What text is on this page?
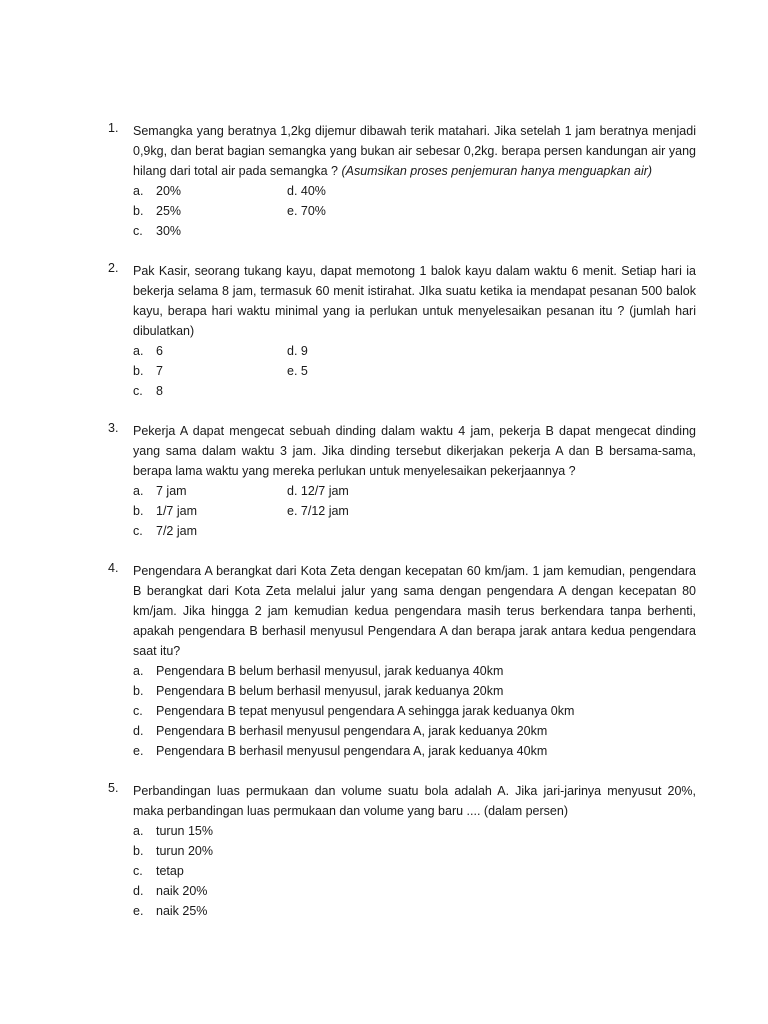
1. Semangka yang beratnya 1,2kg dijemur dibawah terik matahari. Jika setelah 1 jam beratnya menjadi 0,9kg, dan berat bagian semangka yang bukan air sebesar 0,2kg. berapa persen kandungan air yang hilang dari total air pada semangka ? (Asumsikan proses penjemuran hanya menguapkan air)
a. 20%	d. 40%
b. 25%	e. 70%
c. 30%
2. Pak Kasir, seorang tukang kayu, dapat memotong 1 balok kayu dalam waktu 6 menit. Setiap hari ia bekerja selama 8 jam, termasuk 60 menit istirahat. JIka suatu ketika ia mendapat pesanan 500 balok kayu, berapa hari waktu minimal yang ia perlukan untuk menyelesaikan pesanan itu ? (jumlah hari dibulatkan)
a. 6	d. 9
b. 7	e. 5
c. 8
3. Pekerja A dapat mengecat sebuah dinding dalam waktu 4 jam, pekerja B dapat mengecat dinding yang sama dalam waktu 3 jam. Jika dinding tersebut dikerjakan pekerja A dan B bersama-sama, berapa lama waktu yang mereka perlukan untuk menyelesaikan pekerjaannya ?
a. 7 jam	d. 12/7 jam
b. 1/7 jam	e. 7/12 jam
c. 7/2 jam
4. Pengendara A berangkat dari Kota Zeta dengan kecepatan 60 km/jam. 1 jam kemudian, pengendara B berangkat dari Kota Zeta melalui jalur yang sama dengan pengendara A dengan kecepatan 80 km/jam. Jika hingga 2 jam kemudian kedua pengendara masih terus berkendara tanpa berhenti, apakah pengendara B berhasil menyusul Pengendara A dan berapa jarak antara kedua pengendara saat itu?
a. Pengendara B belum berhasil menyusul, jarak keduanya 40km
b. Pengendara B belum berhasil menyusul, jarak keduanya 20km
c. Pengendara B tepat menyusul pengendara A sehingga jarak keduanya 0km
d. Pengendara B berhasil menyusul pengendara A, jarak keduanya 20km
e. Pengendara B berhasil menyusul pengendara A, jarak keduanya 40km
5. Perbandingan luas permukaan dan volume suatu bola adalah A. Jika jari-jarinya menyusut 20%, maka perbandingan luas permukaan dan volume yang baru .... (dalam persen)
a. turun 15%
b. turun 20%
c. tetap
d. naik 20%
e. naik 25%
